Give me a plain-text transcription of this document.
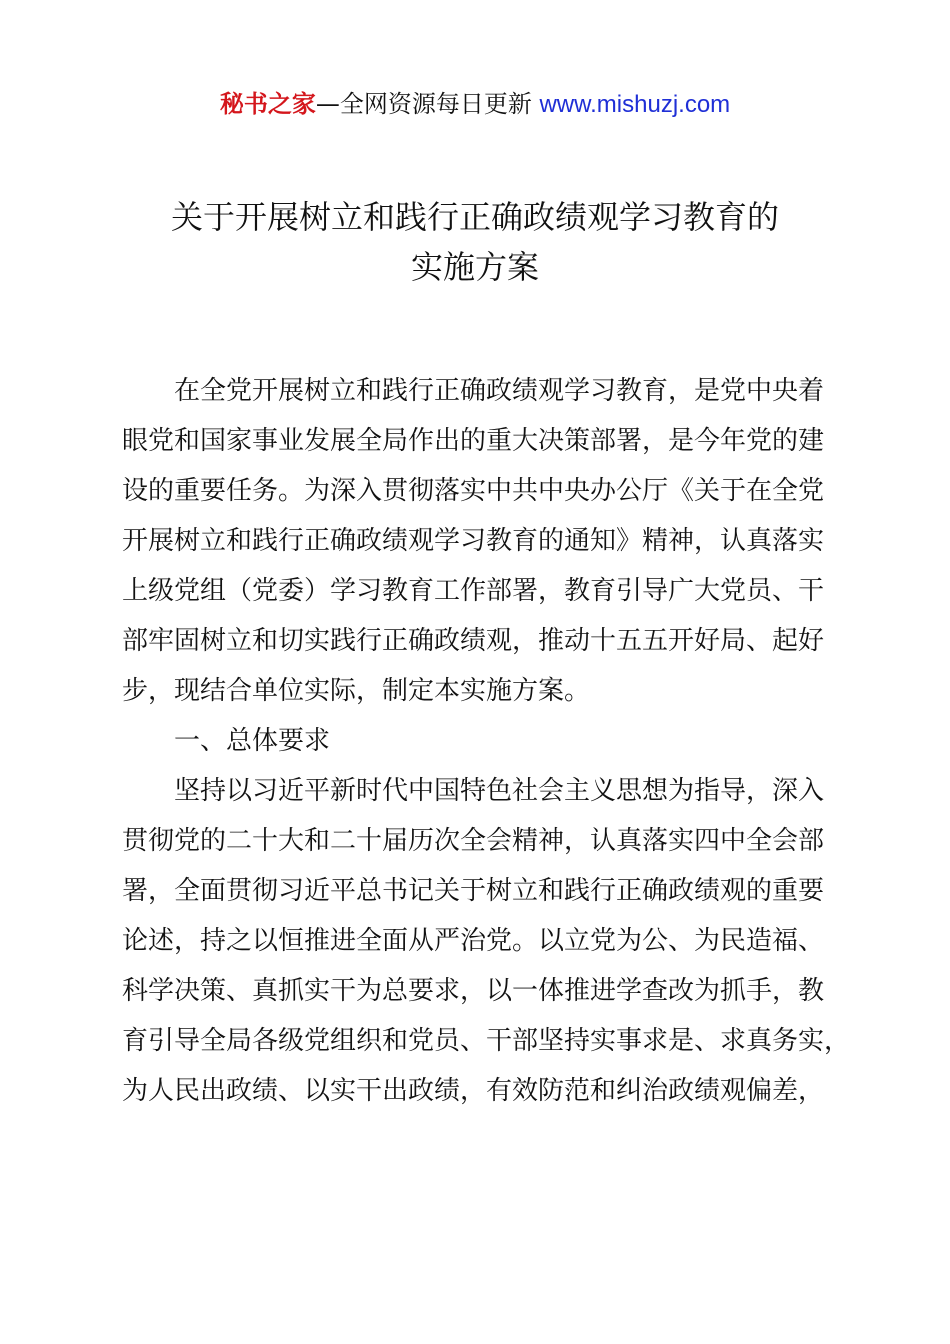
秘书之家—全网资源每日更新 www.mishuzj.com
关于开展树立和践行正确政绩观学习教育的
实施方案
在全党开展树立和践行正确政绩观学习教育，是党中央着
眼党和国家事业发展全局作出的重大决策部署，是今年党的建
设的重要任务。为深入贯彻落实中共中央办公厅《关于在全党
开展树立和践行正确政绩观学习教育的通知》精神，认真落实
上级党组（党委）学习教育工作部署，教育引导广大党员、干
部牢固树立和切实践行正确政绩观，推动十五五开好局、起好
步，现结合单位实际，制定本实施方案。
一、总体要求
坚持以习近平新时代中国特色社会主义思想为指导，深入
贯彻党的二十大和二十届历次全会精神，认真落实四中全会部
署，全面贯彻习近平总书记关于树立和践行正确政绩观的重要
论述，持之以恒推进全面从严治党。以立党为公、为民造福、
科学决策、真抓实干为总要求，以一体推进学查改为抓手，教
育引导全局各级党组织和党员、干部坚持实事求是、求真务实，
为人民出政绩、以实干出政绩，有效防范和纠治政绩观偏差，
